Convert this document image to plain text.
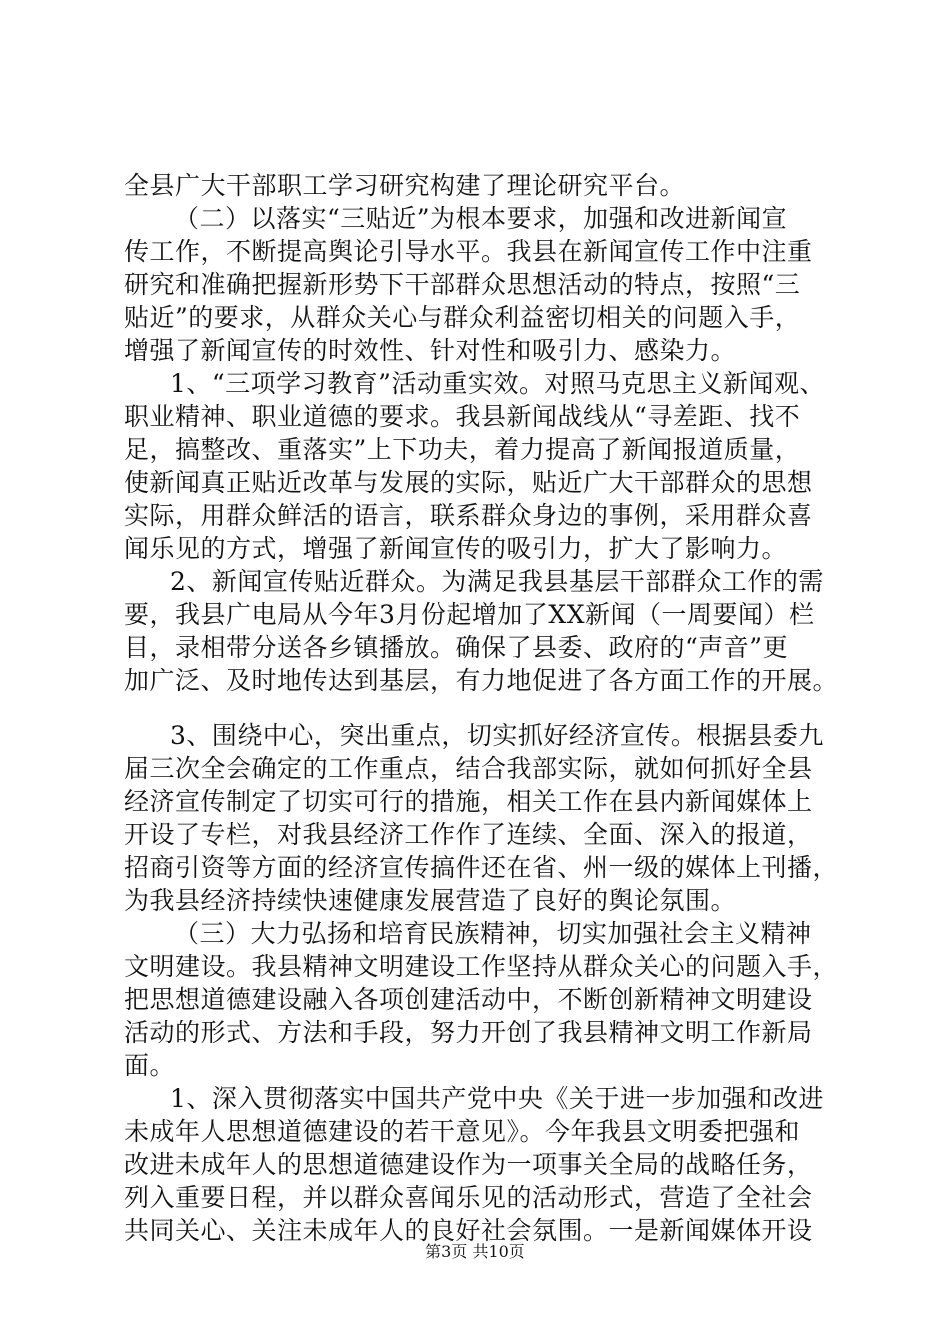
第3页 共10页
全县广大干部职工学习研究构建了理论研究平台。
（二）以落实“三贴近”为根本要求，加强和改进新闻宣
传工作，不断提高舆论引导水平。我县在新闻宣传工作中注重
研究和准确把握新形势下干部群众思想活动的特点，按照“三
贴近”的要求，从群众关心与群众利益密切相关的问题入手，
增强了新闻宣传的时效性、针对性和吸引力、感染力。
1、“三项学习教育”活动重实效。对照马克思主义新闻观、
职业精神、职业道德的要求。我县新闻战线从“寻差距、找不
足，搞整改、重落实”上下功夫，着力提高了新闻报道质量，
使新闻真正贴近改革与发展的实际，贴近广大干部群众的思想
实际，用群众鲜活的语言，联系群众身边的事例，采用群众喜
闻乐见的方式，增强了新闻宣传的吸引力，扩大了影响力。
2、新闻宣传贴近群众。为满足我县基层干部群众工作的需
要，我县广电局从今年3月份起增加了XX新闻（一周要闻）栏
目，录相带分送各乡镇播放。确保了县委、政府的“声音”更
加广泛、及时地传达到基层，有力地促进了各方面工作的开展。
3、围绕中心，突出重点，切实抓好经济宣传。根据县委九
届三次全会确定的工作重点，结合我部实际，就如何抓好全县
经济宣传制定了切实可行的措施，相关工作在县内新闻媒体上
开设了专栏，对我县经济工作作了连续、全面、深入的报道，
招商引资等方面的经济宣传搞件还在省、州一级的媒体上刊播，
为我县经济持续快速健康发展营造了良好的舆论氛围。
（三）大力弘扬和培育民族精神，切实加强社会主义精神
文明建设。我县精神文明建设工作坚持从群众关心的问题入手，
把思想道德建设融入各项创建活动中，不断创新精神文明建设
活动的形式、方法和手段，努力开创了我县精神文明工作新局
面。
1、深入贯彻落实中国共产党中央《关于进一步加强和改进
未成年人思想道德建设的若干意见》。今年我县文明委把强和
改进未成年人的思想道德建设作为一项事关全局的战略任务，
列入重要日程，并以群众喜闻乐见的活动形式，营造了全社会
共同关心、关注未成年人的良好社会氛围。一是新闻媒体开设
